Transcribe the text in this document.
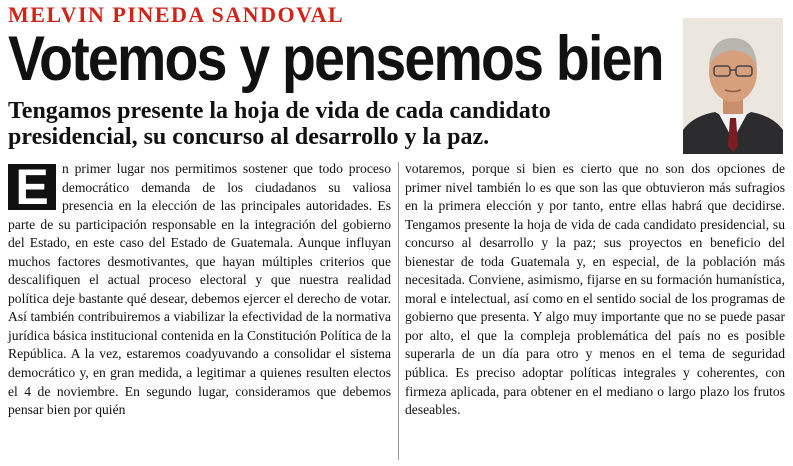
MELVIN PINEDA SANDOVAL
Votemos y pensemos bien
Tengamos presente la hoja de vida de cada candidato presidencial, su concurso al desarrollo y la paz.
E n primer lugar nos permitimos sostener que todo proceso democrático demanda de los ciudadanos su valiosa presencia en la elección de las principales autoridades. Es parte de su participación responsable en la integración del gobierno del Estado, en este caso del Estado de Guatemala. Aunque influyan muchos factores desmotivantes, que hayan múltiples criterios que descalifiquen el actual proceso electoral y que nuestra realidad política deje bastante qué desear, debemos ejercer el derecho de votar. Así también contribuiremos a viabilizar la efectividad de la normativa jurídica básica institucional contenida en la Constitución Política de la República. A la vez, estaremos coadyuvando a consolidar el sistema democrático y, en gran medida, a legitimar a quienes resulten electos el 4 de noviembre. En segundo lugar, consideramos que debemos pensar bien por quién
votaremos, porque si bien es cierto que no son dos opciones de primer nivel también lo es que son las que obtuvieron más sufragios en la primera elección y por tanto, entre ellas habrá que decidirse. Tengamos presente la hoja de vida de cada candidato presidencial, su concurso al desarrollo y la paz; sus proyectos en beneficio del bienestar de toda Guatemala y, en especial, de la población más necesitada. Conviene, asimismo, fijarse en su formación humanística, moral e intelectual, así como en el sentido social de los programas de gobierno que presenta. Y algo muy importante que no se puede pasar por alto, el que la compleja problemática del país no es posible superarla de un día para otro y menos en el tema de seguridad pública. Es preciso adoptar políticas integrales y coherentes, con firmeza aplicada, para obtener en el mediano o largo plazo los frutos deseables.
